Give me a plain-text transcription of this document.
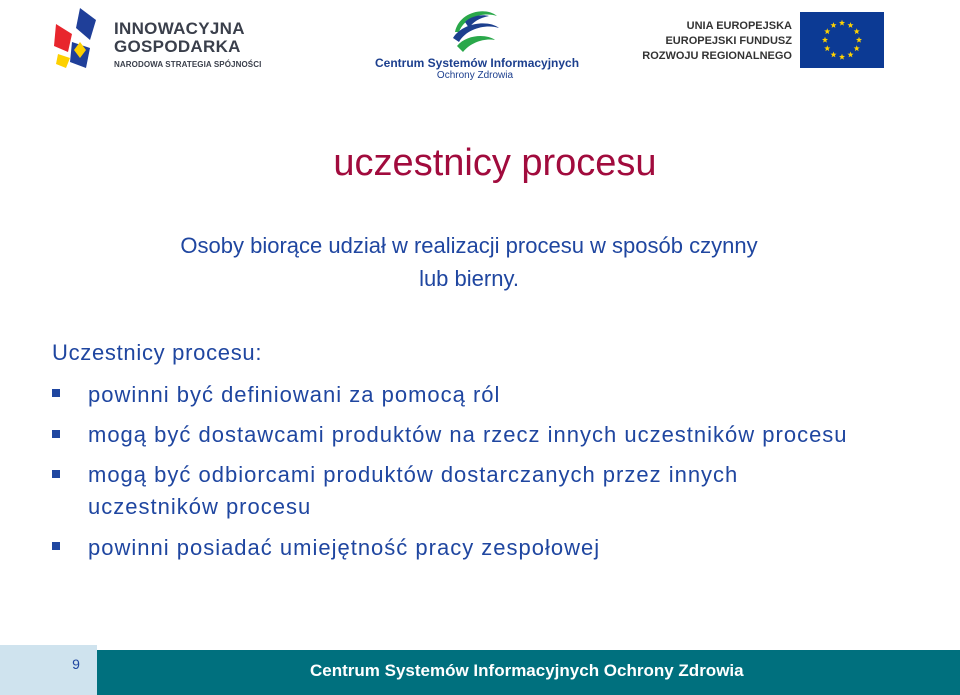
INNOWACYJNA
GOSPODARKA
NARODOWA STRATEGIA SPÓJNOŚCI	Centrum Systemów Informacyjnych
Ochrony Zdrowia
UNIA EUROPEJSKA
EUROPEJSKI FUNDUSZ
ROZWOJU REGIONALNEGO
uczestnicy procesu
Osoby biorące udział w realizacji procesu w sposób czynny
lub bierny.
Uczestnicy procesu:
powinni być definiowani za pomocą ról
mogą być dostawcami produktów na rzecz innych uczestników procesu
mogą być odbiorcami produktów dostarczanych przez innych uczestników procesu
powinni posiadać umiejętność pracy zespołowej
9	Centrum Systemów Informacyjnych Ochrony Zdrowia
